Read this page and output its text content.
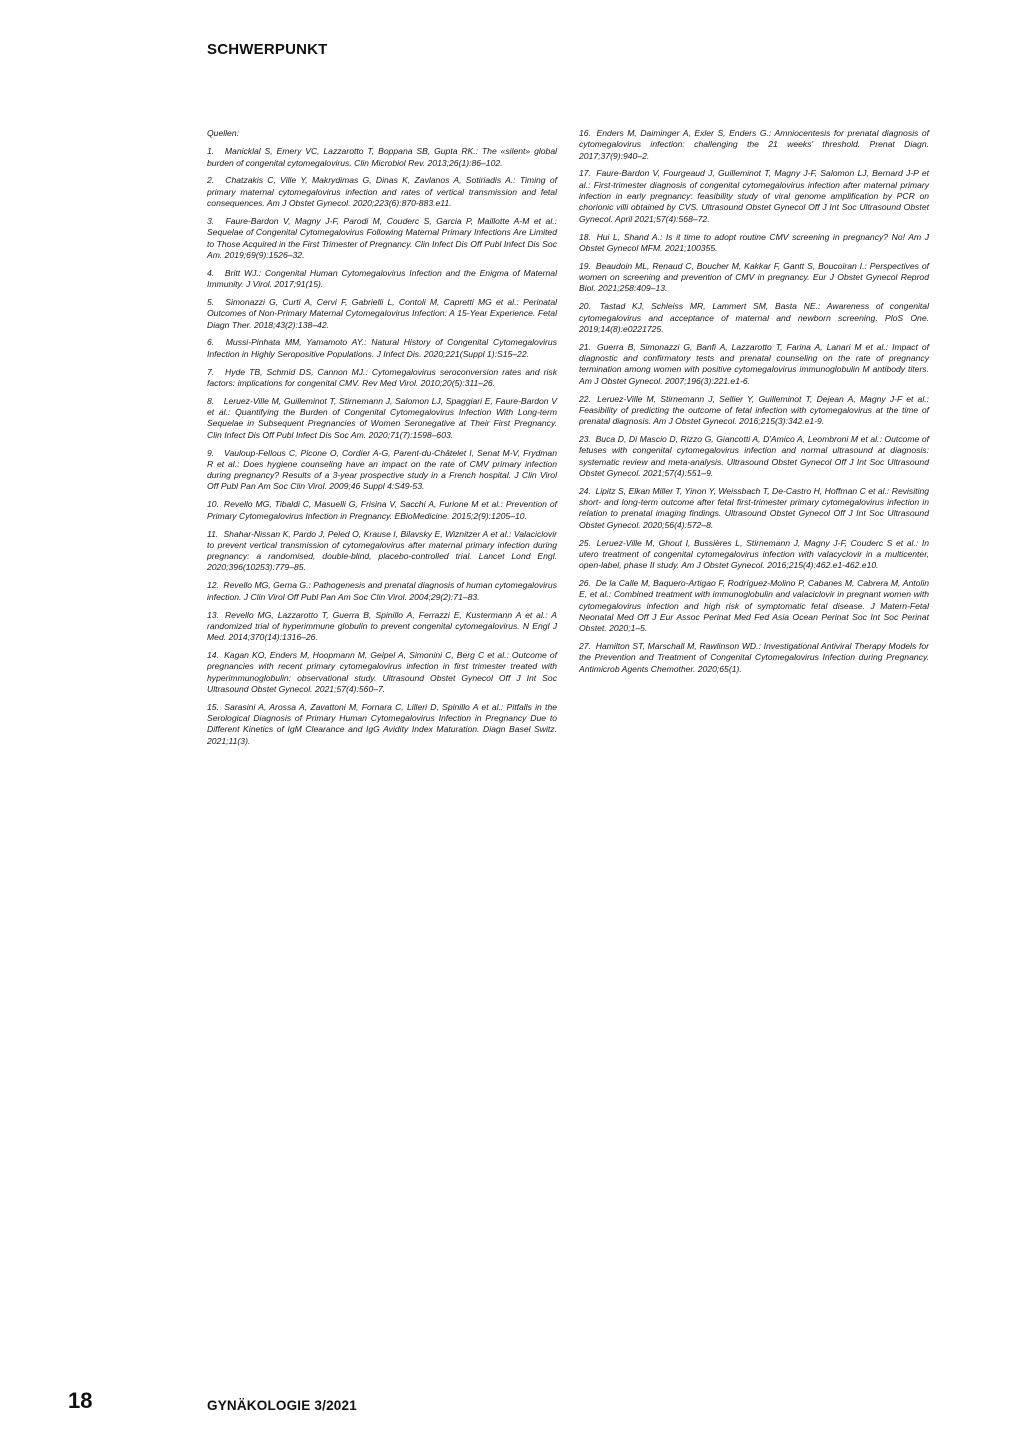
SCHWERPUNKT

Quellen:

1. Manicklal S, Emery VC, Lazzarotto T, Boppana SB, Gupta RK.: The «silent» global burden of congenital cytomegalovirus. Clin Microbiol Rev. 2013;26(1):86–102.

2. Chatzakis C, Ville Y, Makrydimas G, Dinas K, Zavlanos A, Sotiriadis A.: Timing of primary maternal cytomegalovirus infection and rates of vertical transmission and fetal consequences. Am J Obstet Gynecol. 2020;223(6):870-883.e11.

3. Faure-Bardon V, Magny J-F, Parodi M, Couderc S, Garcia P, Maillotte A-M et al.: Sequelae of Congenital Cytomegalovirus Following Maternal Primary Infections Are Limited to Those Acquired in the First Trimester of Pregnancy. Clin Infect Dis Off Publ Infect Dis Soc Am. 2019;69(9):1526–32.

4. Britt WJ.: Congenital Human Cytomegalovirus Infection and the Enigma of Maternal Immunity. J Virol. 2017;91(15).

5. Simonazzi G, Curti A, Cervi F, Gabrielli L, Contoli M, Capretti MG et al.: Perinatal Outcomes of Non-Primary Maternal Cytomegalovirus Infection: A 15-Year Experience. Fetal Diagn Ther. 2018;43(2):138–42.

6. Mussi-Pinhata MM, Yamamoto AY.: Natural History of Congenital Cytomegalovirus Infection in Highly Seropositive Populations. J Infect Dis. 2020;221(Suppl 1):S15–22.

7. Hyde TB, Schmid DS, Cannon MJ.: Cytomegalovirus seroconversion rates and risk factors: implications for congenital CMV. Rev Med Virol. 2010;20(5):311–26.

8. Leruez-Ville M, Guilleminot T, Stirnemann J, Salomon LJ, Spaggiari E, Faure-Bardon V et al.: Quantifying the Burden of Congenital Cytomegalovirus Infection With Long-term Sequelae in Subsequent Pregnancies of Women Seronegative at Their First Pregnancy. Clin Infect Dis Off Publ Infect Dis Soc Am. 2020;71(7):1598–603.

9. Vauloup-Fellous C, Picone O, Cordier A-G, Parent-du-Châtelet I, Senat M-V, Frydman R et al.: Does hygiene counseling have an impact on the rate of CMV primary infection during pregnancy? Results of a 3-year prospective study in a French hospital. J Clin Virol Off Publ Pan Am Soc Clin Virol. 2009;46 Suppl 4:S49-53.

10. Revello MG, Tibaldi C, Masuelli G, Frisina V, Sacchi A, Furione M et al.: Prevention of Primary Cytomegalovirus Infection in Pregnancy. EBioMedicine. 2015;2(9):1205–10.

11. Shahar-Nissan K, Pardo J, Peled O, Krause I, Bilavsky E, Wiznitzer A et al.: Valaciclovir to prevent vertical transmission of cytomegalovirus after maternal primary infection during pregnancy: a randomised, double-blind, placebo-controlled trial. Lancet Lond Engl. 2020;396(10253):779–85.

12. Revello MG, Gerna G.: Pathogenesis and prenatal diagnosis of human cytomegalovirus infection. J Clin Virol Off Publ Pan Am Soc Clin Virol. 2004;29(2):71–83.

13. Revello MG, Lazzarotto T, Guerra B, Spinillo A, Ferrazzi E, Kustermann A et al.: A randomized trial of hyperimmune globulin to prevent congenital cytomegalovirus. N Engl J Med. 2014;370(14):1316–26.

14. Kagan KO, Enders M, Hoopmann M, Geipel A, Simonini C, Berg C et al.: Outcome of pregnancies with recent primary cytomegalovirus infection in first trimester treated with hyperimmunoglobulin: observational study. Ultrasound Obstet Gynecol Off J Int Soc Ultrasound Obstet Gynecol. 2021;57(4):560–7.

15. Sarasini A, Arossa A, Zavattoni M, Fornara C, Lilleri D, Spinillo A et al.: Pitfalls in the Serological Diagnosis of Primary Human Cytomegalovirus Infection in Pregnancy Due to Different Kinetics of IgM Clearance and IgG Avidity Index Maturation. Diagn Basel Switz. 2021;11(3).

16. Enders M, Daiminger A, Exler S, Enders G.: Amniocentesis for prenatal diagnosis of cytomegalovirus infection: challenging the 21 weeks' threshold. Prenat Diagn. 2017;37(9):940–2.

17. Faure-Bardon V, Fourgeaud J, Guilleminot T, Magny J-F, Salomon LJ, Bernard J-P et al.: First-trimester diagnosis of congenital cytomegalovirus infection after maternal primary infection in early pregnancy: feasibility study of viral genome amplification by PCR on chorionic villi obtained by CVS. Ultrasound Obstet Gynecol Off J Int Soc Ultrasound Obstet Gynecol. April 2021;57(4):568–72.

18. Hui L, Shand A.: Is it time to adopt routine CMV screening in pregnancy? No! Am J Obstet Gynecol MFM. 2021;100355.

19. Beaudoin ML, Renaud C, Boucher M, Kakkar F, Gantt S, Boucoiran I.: Perspectives of women on screening and prevention of CMV in pregnancy. Eur J Obstet Gynecol Reprod Biol. 2021;258:409–13.

20. Tastad KJ, Schleiss MR, Lammert SM, Basta NE.: Awareness of congenital cytomegalovirus and acceptance of maternal and newborn screening. PloS One. 2019;14(8):e0221725.

21. Guerra B, Simonazzi G, Banfi A, Lazzarotto T, Farina A, Lanari M et al.: Impact of diagnostic and confirmatory tests and prenatal counseling on the rate of pregnancy termination among women with positive cytomegalovirus immunoglobulin M antibody titers. Am J Obstet Gynecol. 2007;196(3):221.e1-6.

22. Leruez-Ville M, Stirnemann J, Sellier Y, Guilleminot T, Dejean A, Magny J-F et al.: Feasibility of predicting the outcome of fetal infection with cytomegalovirus at the time of prenatal diagnosis. Am J Obstet Gynecol. 2016;215(3):342.e1-9.

23. Buca D, Di Mascio D, Rizzo G, Giancotti A, D'Amico A, Leombroni M et al.: Outcome of fetuses with congenital cytomegalovirus infection and normal ultrasound at diagnosis: systematic review and meta-analysis. Ultrasound Obstet Gynecol Off J Int Soc Ultrasound Obstet Gynecol. 2021;57(4):551–9.

24. Lipitz S, Elkan Miller T, Yinon Y, Weissbach T, De-Castro H, Hoffman C et al.: Revisiting short- and long-term outcome after fetal first-trimester primary cytomegalovirus infection in relation to prenatal imaging findings. Ultrasound Obstet Gynecol Off J Int Soc Ultrasound Obstet Gynecol. 2020;56(4):572–8.

25. Leruez-Ville M, Ghout I, Bussières L, Stirnemann J, Magny J-F, Couderc S et al.: In utero treatment of congenital cytomegalovirus infection with valacyclovir in a multicenter, open-label, phase II study. Am J Obstet Gynecol. 2016;215(4):462.e1-462.e10.

26. De la Calle M, Baquero-Artigao F, Rodríguez-Molino P, Cabanes M, Cabrera M, Antolin E, et al.: Combined treatment with immunoglobulin and valaciclovir in pregnant women with cytomegalovirus infection and high risk of symptomatic fetal disease. J Matern-Fetal Neonatal Med Off J Eur Assoc Perinat Med Fed Asia Ocean Perinat Soc Int Soc Perinat Obstet. 2020;1–5.

27. Hamilton ST, Marschall M, Rawlinson WD.: Investigational Antiviral Therapy Models for the Prevention and Treatment of Congenital Cytomegalovirus Infection during Pregnancy. Antimicrob Agents Chemother. 2020;65(1).

18	GYNÄKOLOGIE 3/2021
